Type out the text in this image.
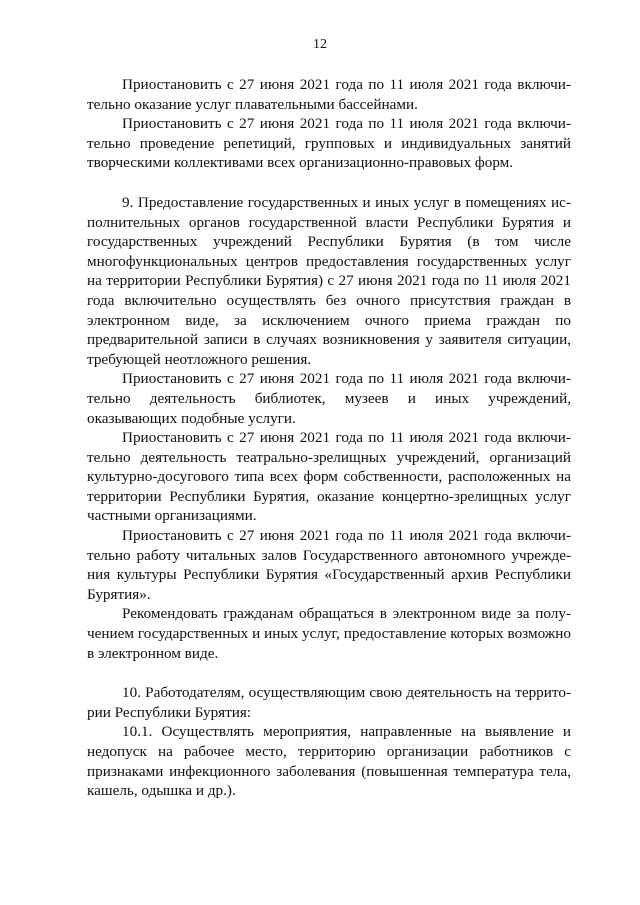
12

Приостановить с 27 июня 2021 года по 11 июля 2021 года включительно оказание услуг плавательными бассейнами.

Приостановить с 27 июня 2021 года по 11 июля 2021 года включительно проведение репетиций, групповых и индивидуальных занятий творческими коллективами всех организационно-правовых форм.

9. Предоставление государственных и иных услуг в помещениях исполнительных органов государственной власти Республики Бурятия и государственных учреждений Республики Бурятия (в том числе многофункциональных центров предоставления государственных услуг на территории Республики Бурятия) с 27 июня 2021 года по 11 июля 2021 года включительно осуществлять без очного присутствия граждан в электронном виде, за исключением очного приема граждан по предварительной записи в случаях возникновения у заявителя ситуации, требующей неотложного решения.

Приостановить с 27 июня 2021 года по 11 июля 2021 года включительно деятельность библиотек, музеев и иных учреждений, оказывающих подобные услуги.

Приостановить с 27 июня 2021 года по 11 июля 2021 года включительно деятельность театрально-зрелищных учреждений, организаций культурно-досугового типа всех форм собственности, расположенных на территории Республики Бурятия, оказание концертно-зрелищных услуг частными организациями.

Приостановить с 27 июня 2021 года по 11 июля 2021 года включительно работу читальных залов Государственного автономного учреждения культуры Республики Бурятия «Государственный архив Республики Бурятия».

Рекомендовать гражданам обращаться в электронном виде за получением государственных и иных услуг, предоставление которых возможно в электронном виде.

10. Работодателям, осуществляющим свою деятельность на территории Республики Бурятия:

10.1. Осуществлять мероприятия, направленные на выявление и недопуск на рабочее место, территорию организации работников с признаками инфекционного заболевания (повышенная температура тела, кашель, одышка и др.).
